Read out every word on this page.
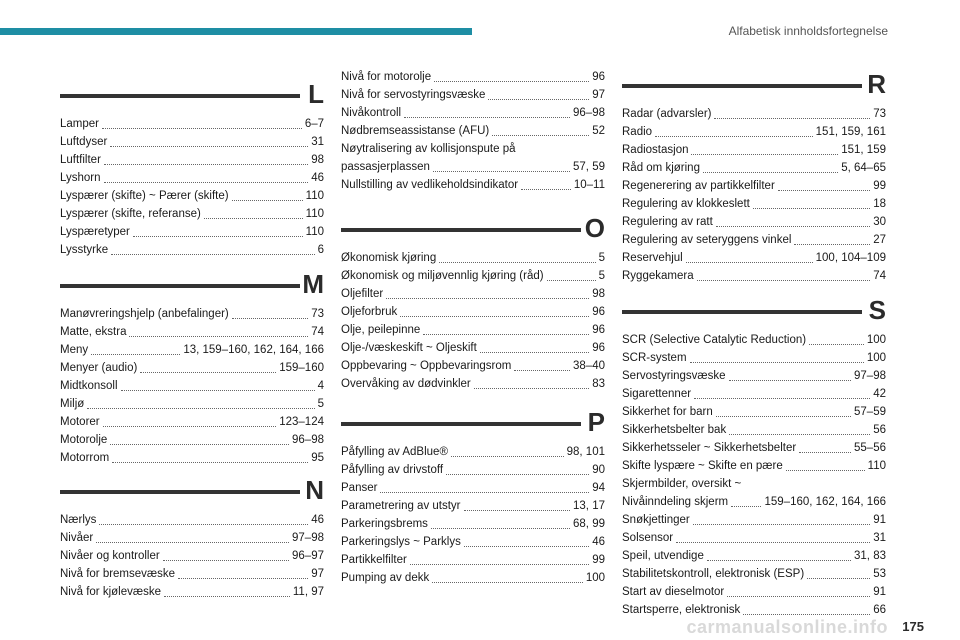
Alfabetisk innholdsfortegnelse
L
Lamper	6–7
Luftdyser	31
Luftfilter	98
Lyshorn	46
Lyspærer (skifte) ~ Pærer (skifte)	110
Lyspærer (skifte, referanse)	110
Lyspæretyper	110
Lysstyrke	6
M
Manøvreringshjelp (anbefalinger)	73
Matte, ekstra	74
Meny	13, 159–160, 162, 164, 166
Menyer (audio)	159–160
Midtkonsoll	4
Miljø	5
Motorer	123–124
Motorolje	96–98
Motorrom	95
N
Nærlys	46
Nivåer	97–98
Nivåer og kontroller	96–97
Nivå for bremsevæske	97
Nivå for kjølevæske	11, 97
Nivå for motorolje	96
Nivå for servostyringsvæske	97
Nivåkontroll	96–98
Nødbremseassistanse (AFU)	52
Nøytralisering av kollisjonspute på
passasjerplassen	57, 59
Nullstilling av vedlikeholdsindikator	10–11
O
Økonomisk kjøring	5
Økonomisk og miljøvennlig kjøring (råd)	5
Oljefilter	98
Oljeforbruk	96
Olje, peilepinne	96
Olje-/væskeskift ~ Oljeskift	96
Oppbevaring ~ Oppbevaringsrom	38–40
Overvåking av dødvinkler	83
P
Påfylling av AdBlue®	98, 101
Påfylling av drivstoff	90
Panser	94
Parametrering av utstyr	13, 17
Parkeringsbrems	68, 99
Parkeringslys ~ Parklys	46
Partikkelfilter	99
Pumping av dekk	100
R
Radar (advarsler)	73
Radio	151, 159, 161
Radiostasjon	151, 159
Råd om kjøring	5, 64–65
Regenerering av partikkelfilter	99
Regulering av klokkeslett	18
Regulering av ratt	30
Regulering av seteryggens vinkel	27
Reservehjul	100, 104–109
Ryggekamera	74
S
SCR (Selective Catalytic Reduction)	100
SCR-system	100
Servostyringsvæske	97–98
Sigarettenner	42
Sikkerhet for barn	57–59
Sikkerhetsbelter bak	56
Sikkerhetsseler ~ Sikkerhetsbelter	55–56
Skifte lyspære ~ Skifte en pære	110
Skjermbilder, oversikt ~
Nivåinndeling skjerm	159–160, 162, 164, 166
Snøkjettinger	91
Solsensor	31
Speil, utvendige	31, 83
Stabilitetskontroll, elektronisk (ESP)	53
Start av dieselmotor	91
Startsperre, elektronisk	66
carmanualsonline.info 175
